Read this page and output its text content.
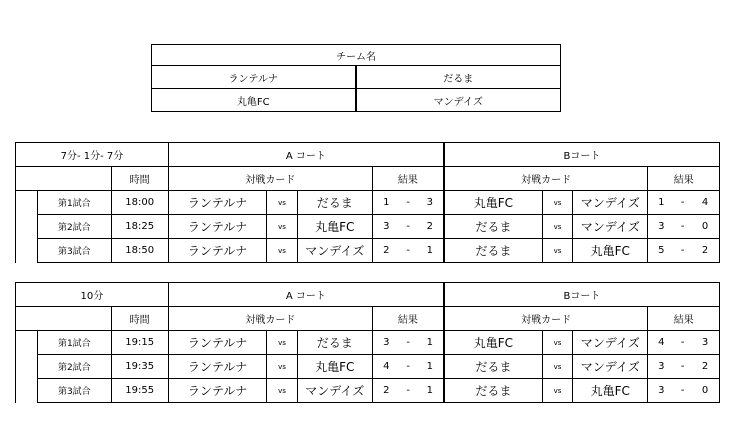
チーム名	
ランテルナ	だるま
丸亀FC	マンデイズ
7分- 1分- 7分			A コート						Bコート					
		時間	対戦カード			結果			対戦カード			結果		
	第1試合	18:00	ランテルナ	vs	だるま	1	-	3	丸亀FC	vs	マンデイズ	1	-	4
	第2試合	18:25	ランテルナ	vs	丸亀FC	3	-	2	だるま	vs	マンデイズ	3	-	0
	第3試合	18:50	ランテルナ	vs	マンデイズ	2	-	1	だるま	vs	丸亀FC	5	-	2
10分			A コート						Bコート					
		時間	対戦カード			結果			対戦カード			結果		
	第1試合	19:15	ランテルナ	vs	だるま	3	-	1	丸亀FC	vs	マンデイズ	4	-	3
	第2試合	19:35	ランテルナ	vs	丸亀FC	4	-	1	だるま	vs	マンデイズ	3	-	2
	第3試合	19:55	ランテルナ	vs	マンデイズ	2	-	1	だるま	vs	丸亀FC	3	-	0
